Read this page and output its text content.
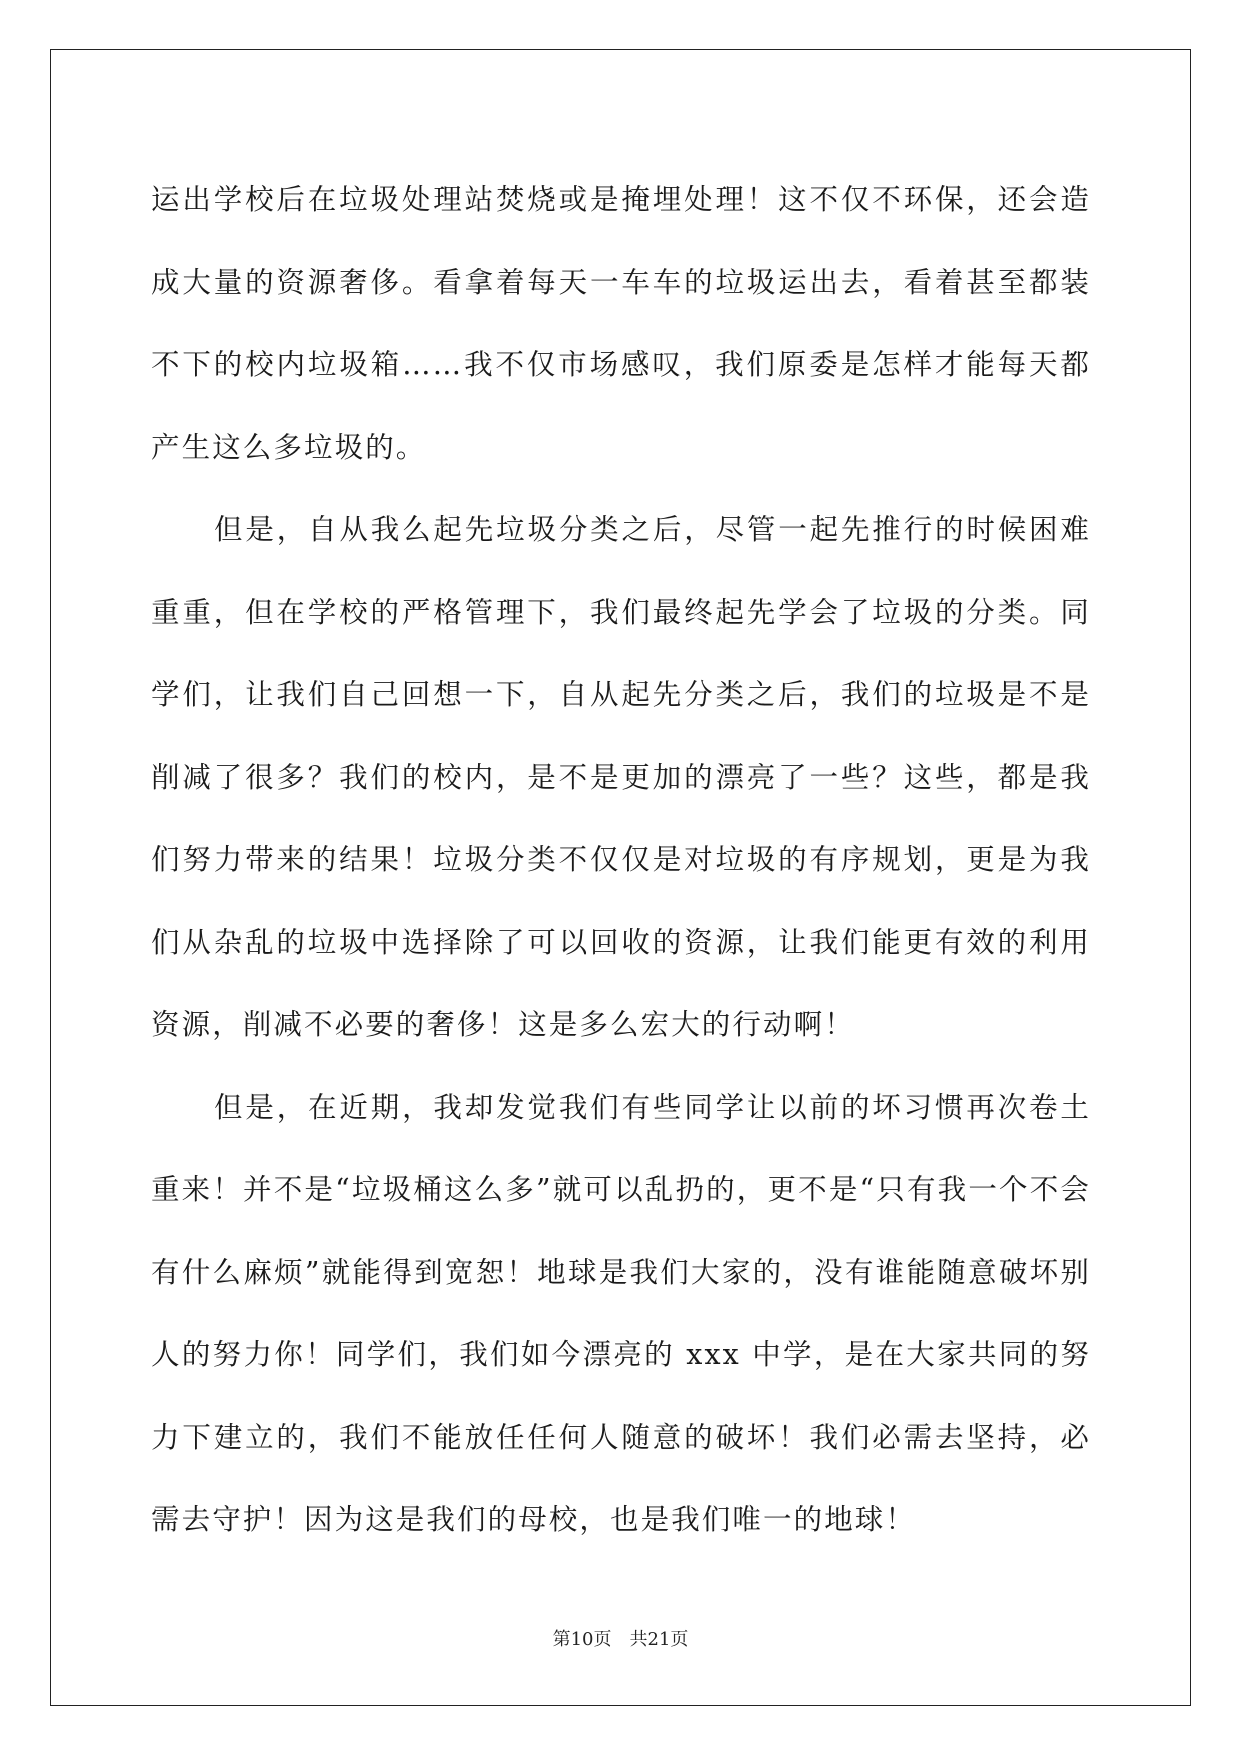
运出学校后在垃圾处理站焚烧或是掩埋处理！这不仅不环保，还会造成大量的资源奢侈。看拿着每天一车车的垃圾运出去，看着甚至都装不下的校内垃圾箱……我不仅市场感叹，我们原委是怎样才能每天都产生这么多垃圾的。

但是，自从我么起先垃圾分类之后，尽管一起先推行的时候困难重重，但在学校的严格管理下，我们最终起先学会了垃圾的分类。同学们，让我们自己回想一下，自从起先分类之后，我们的垃圾是不是削减了很多？我们的校内，是不是更加的漂亮了一些？这些，都是我们努力带来的结果！垃圾分类不仅仅是对垃圾的有序规划，更是为我们从杂乱的垃圾中选择除了可以回收的资源，让我们能更有效的利用资源，削减不必要的奢侈！这是多么宏大的行动啊！

但是，在近期，我却发觉我们有些同学让以前的坏习惯再次卷土重来！并不是“垃圾桶这么多”就可以乱扔的，更不是“只有我一个不会有什么麻烦”就能得到宽恕！地球是我们大家的，没有谁能随意破坏别人的努力你！同学们，我们如今漂亮的 xxx 中学，是在大家共同的努力下建立的，我们不能放任任何人随意的破坏！我们必需去坚持，必需去守护！因为这是我们的母校，也是我们唯一的地球！

第10页 共21页
